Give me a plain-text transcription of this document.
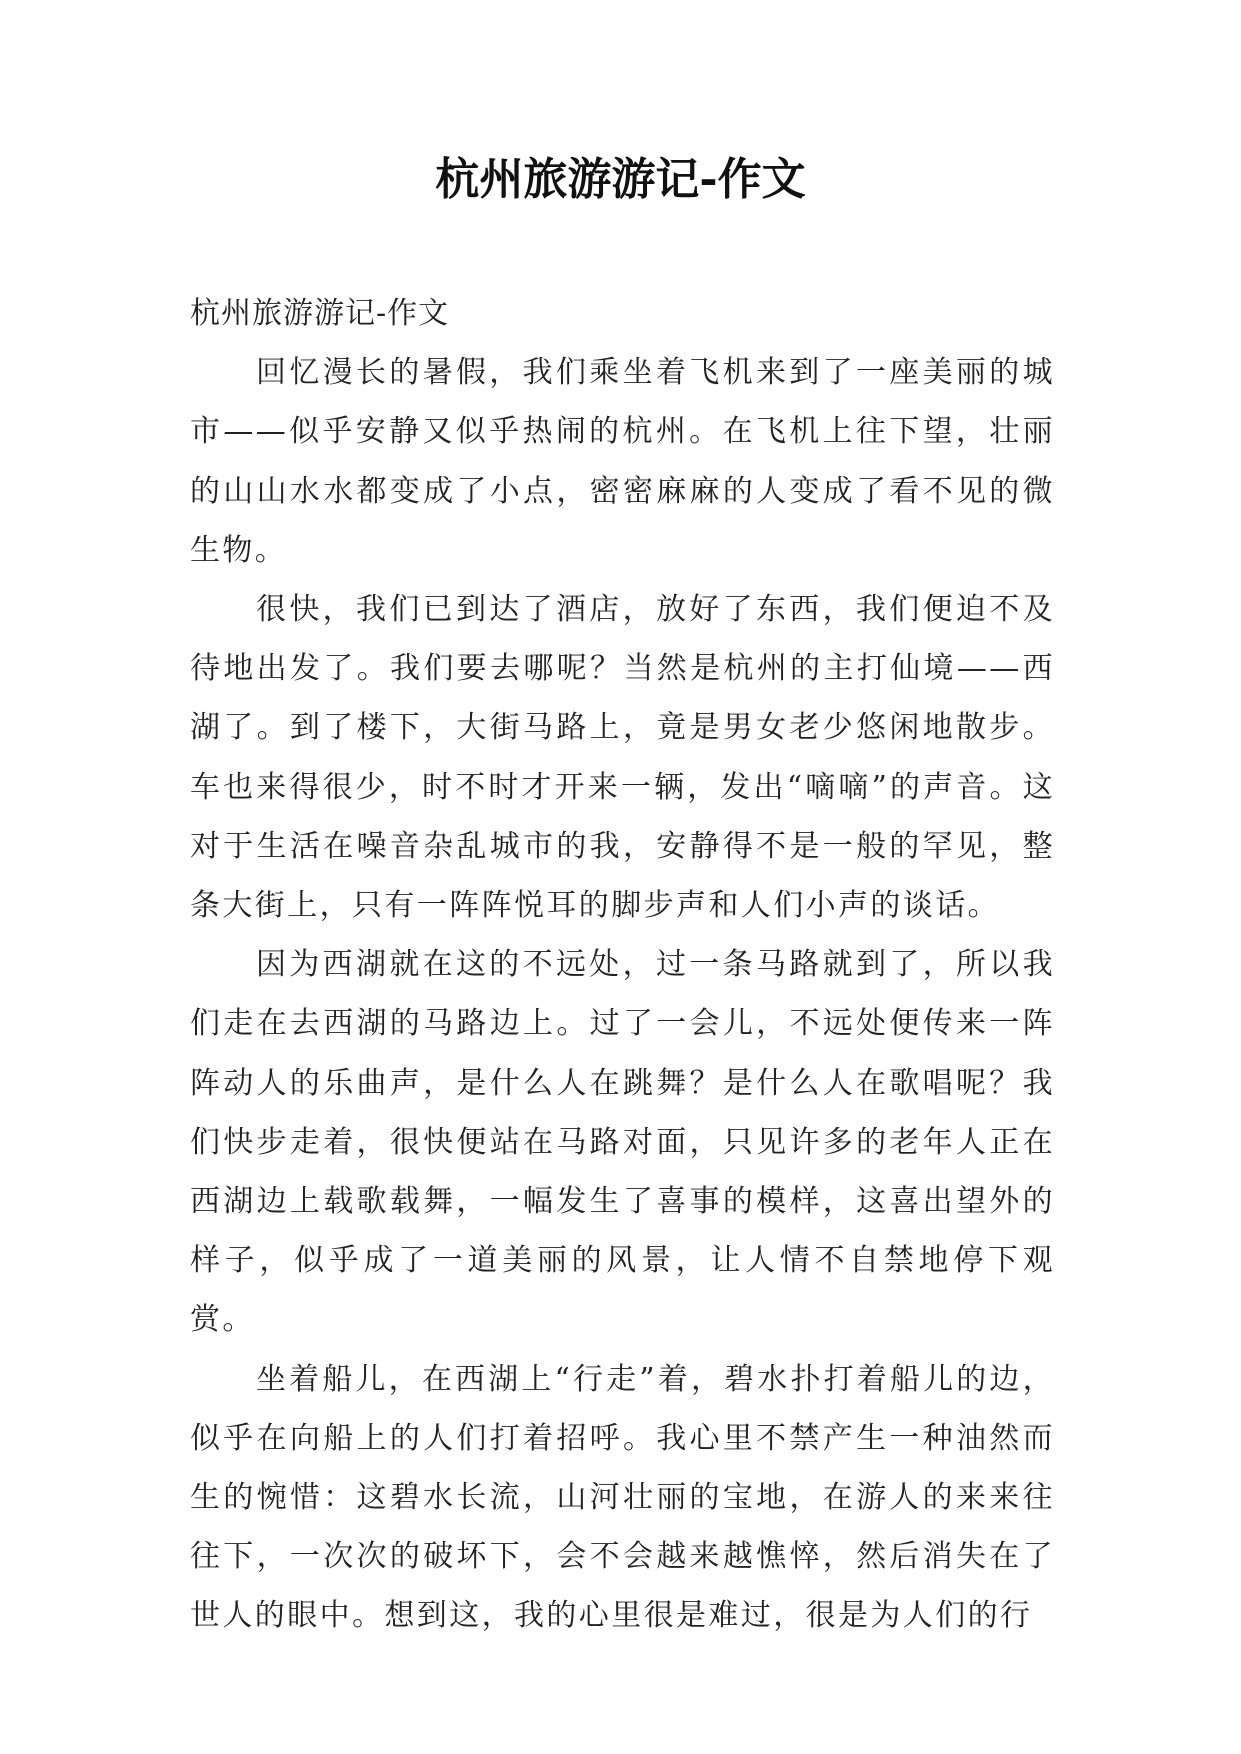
杭州旅游游记-作文

杭州旅游游记-作文

回忆漫长的暑假，我们乘坐着飞机来到了一座美丽的城市——似乎安静又似乎热闹的杭州。在飞机上往下望，壮丽的山山水水都变成了小点，密密麻麻的人变成了看不见的微生物。

很快，我们已到达了酒店，放好了东西，我们便迫不及待地出发了。我们要去哪呢？当然是杭州的主打仙境——西湖了。到了楼下，大街马路上，竟是男女老少悠闲地散步。车也来得很少，时不时才开来一辆，发出“嘀嘀”的声音。这对于生活在噪音杂乱城市的我，安静得不是一般的罕见，整条大街上，只有一阵阵悦耳的脚步声和人们小声的谈话。

因为西湖就在这的不远处，过一条马路就到了，所以我们走在去西湖的马路边上。过了一会儿，不远处便传来一阵阵动人的乐曲声，是什么人在跳舞？是什么人在歌唱呢？我们快步走着，很快便站在马路对面，只见许多的老年人正在西湖边上载歌载舞，一幅发生了喜事的模样，这喜出望外的样子，似乎成了一道美丽的风景，让人情不自禁地停下观赏。

坐着船儿，在西湖上“行走”着，碧水扑打着船儿的边，似乎在向船上的人们打着招呼。我心里不禁产生一种油然而生的惋惜：这碧水长流，山河壮丽的宝地，在游人的来来往往下，一次次的破坏下，会不会越来越憔悴，然后消失在了世人的眼中。想到这，我的心里很是难过，很是为人们的行
